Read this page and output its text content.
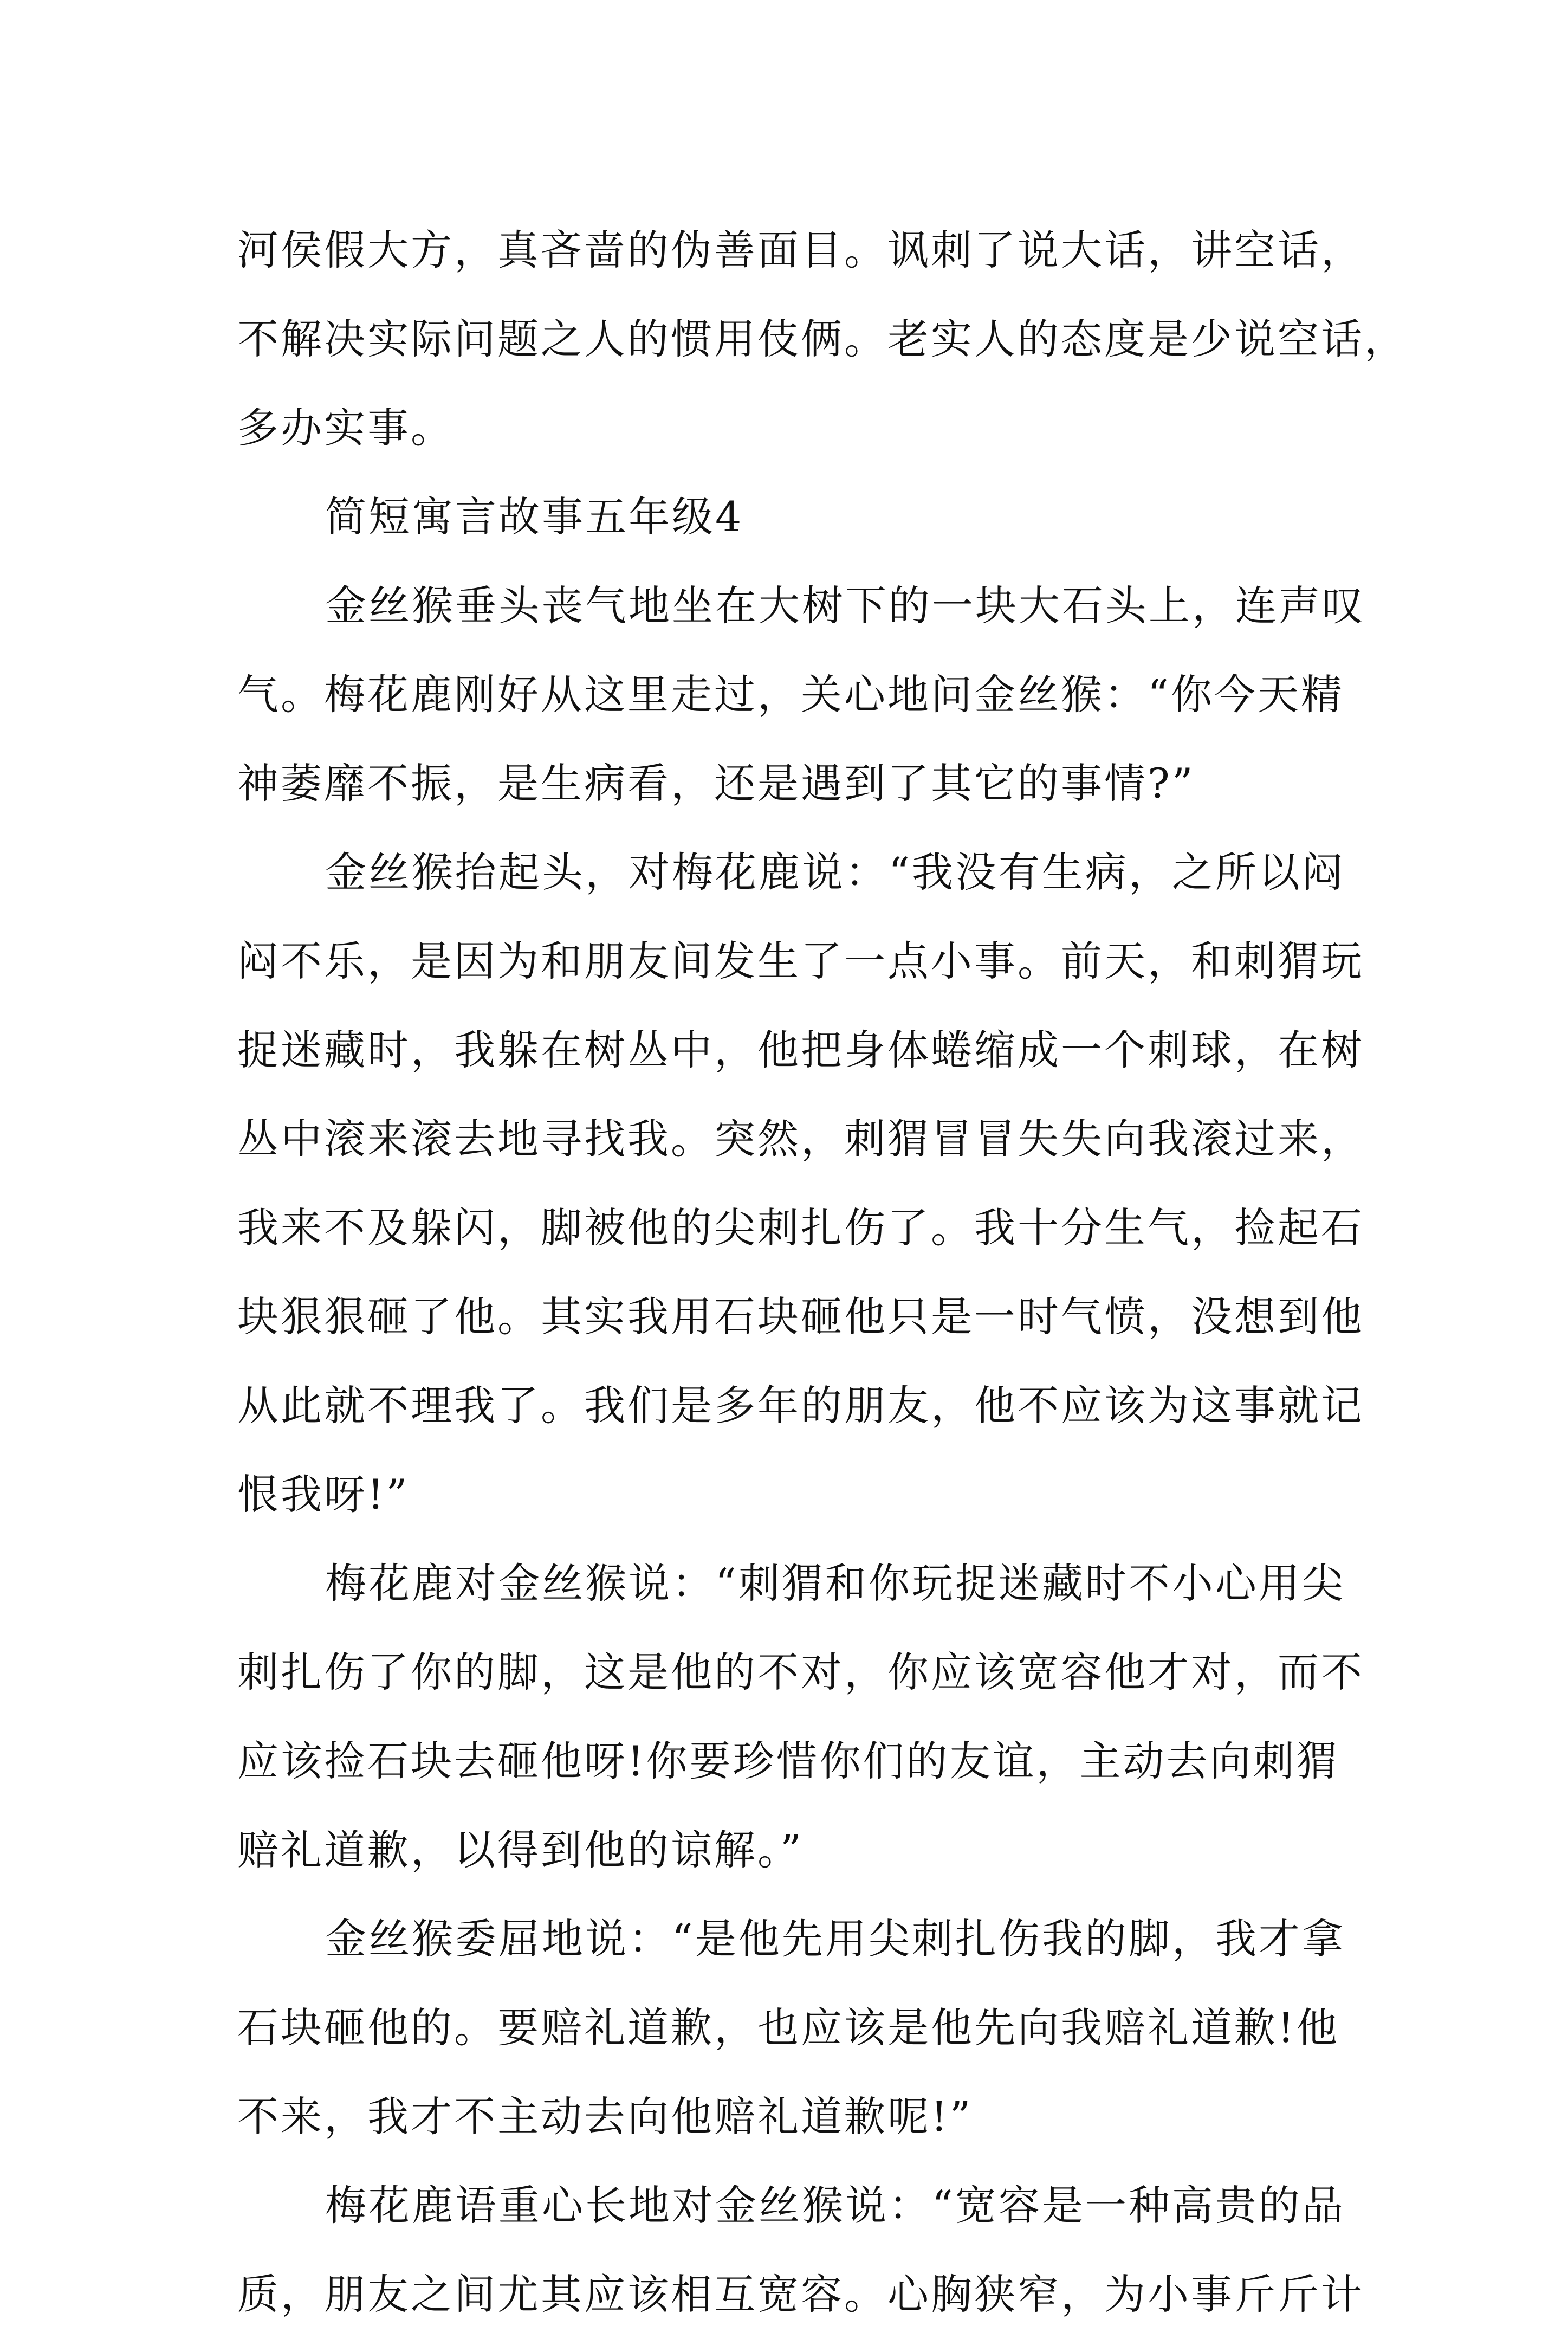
河侯假大方，真吝啬的伪善面目。讽刺了说大话，讲空话，
不解决实际问题之人的惯用伎俩。老实人的态度是少说空话，
多办实事。
简短寓言故事五年级4
金丝猴垂头丧气地坐在大树下的一块大石头上，连声叹
气。梅花鹿刚好从这里走过，关心地问金丝猴：“你今天精
神萎靡不振，是生病看，还是遇到了其它的事情?”
金丝猴抬起头，对梅花鹿说：“我没有生病，之所以闷
闷不乐，是因为和朋友间发生了一点小事。前天，和刺猬玩
捉迷藏时，我躲在树丛中，他把身体蜷缩成一个刺球，在树
丛中滚来滚去地寻找我。突然，刺猬冒冒失失向我滚过来，
我来不及躲闪，脚被他的尖刺扎伤了。我十分生气，捡起石
块狠狠砸了他。其实我用石块砸他只是一时气愤，没想到他
从此就不理我了。我们是多年的朋友，他不应该为这事就记
恨我呀!”
梅花鹿对金丝猴说：“刺猬和你玩捉迷藏时不小心用尖
刺扎伤了你的脚，这是他的不对，你应该宽容他才对，而不
应该捡石块去砸他呀!你要珍惜你们的友谊，主动去向刺猬
赔礼道歉，以得到他的谅解。”
金丝猴委屈地说：“是他先用尖刺扎伤我的脚，我才拿
石块砸他的。要赔礼道歉，也应该是他先向我赔礼道歉!他
不来，我才不主动去向他赔礼道歉呢!”
梅花鹿语重心长地对金丝猴说：“宽容是一种高贵的品
质，朋友之间尤其应该相互宽容。心胸狭窄，为小事斤斤计
